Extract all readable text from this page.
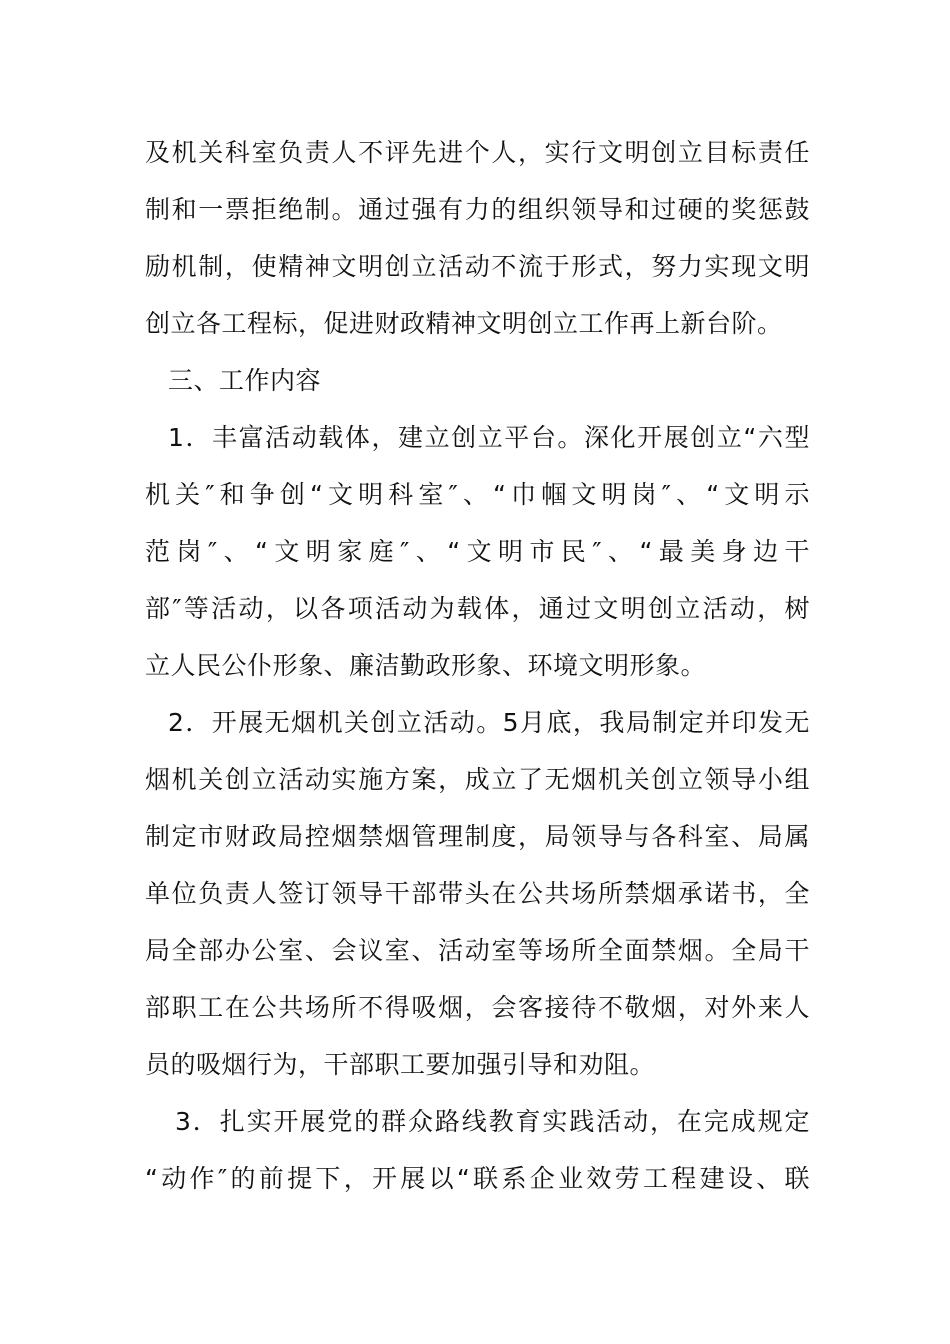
及机关科室负责人不评先进个人，实行文明创立目标责任
制和一票拒绝制。通过强有力的组织领导和过硬的奖惩鼓
励机制，使精神文明创立活动不流于形式，努力实现文明
创立各工程标，促进财政精神文明创立工作再上新台阶。
三、工作内容
1．丰富活动载体，建立创立平台。深化开展创立“六型
机关″和争创“文明科室″、“巾帼文明岗″、“文明示
范岗″、“文明家庭″、“文明市民″、“最美身边干
部″等活动，以各项活动为载体，通过文明创立活动，树
立人民公仆形象、廉洁勤政形象、环境文明形象。
2．开展无烟机关创立活动。5月底，我局制定并印发无
烟机关创立活动实施方案，成立了无烟机关创立领导小组
制定市财政局控烟禁烟管理制度，局领导与各科室、局属
单位负责人签订领导干部带头在公共场所禁烟承诺书，全
局全部办公室、会议室、活动室等场所全面禁烟。全局干
部职工在公共场所不得吸烟，会客接待不敬烟，对外来人
员的吸烟行为，干部职工要加强引导和劝阻。
3．扎实开展党的群众路线教育实践活动，在完成规定
“动作″的前提下，开展以“联系企业效劳工程建设、联
